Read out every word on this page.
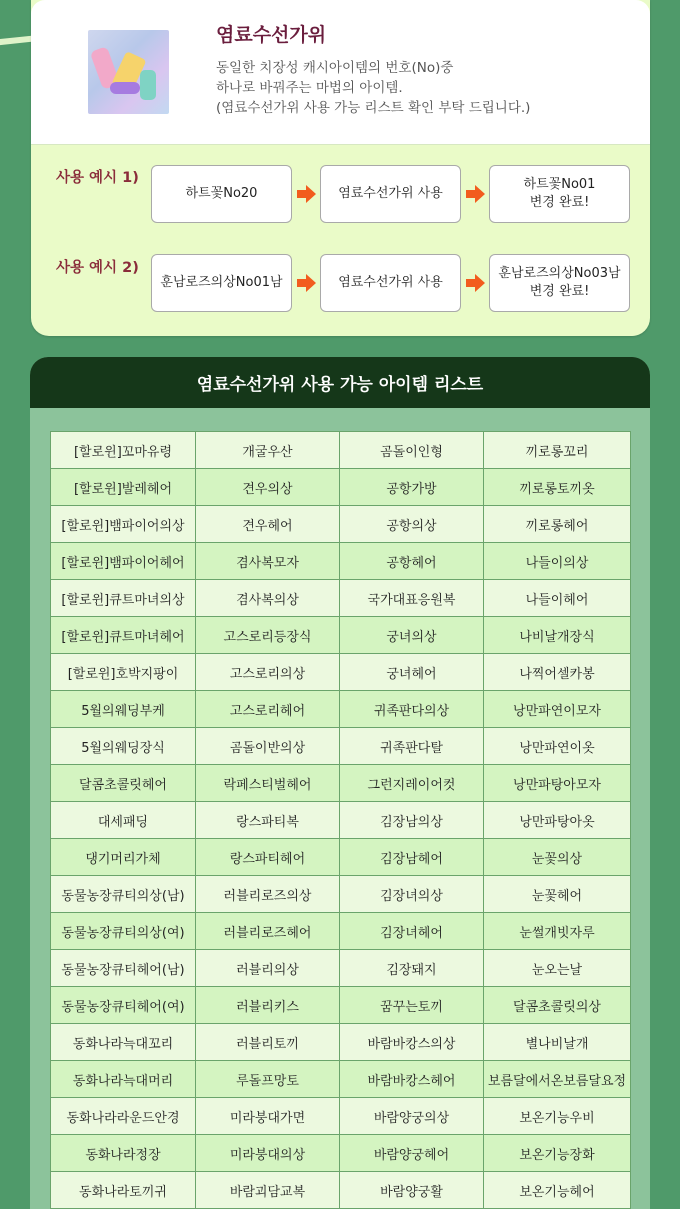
염료수선가위
동일한 치장성 캐시아이템의 번호(No)중
하나로 바꿔주는 마법의 아이템.
(염료수선가위 사용 가능 리스트 확인 부탁 드립니다.)
사용 예시 1)
하트꽃No20	염료수선가위 사용
하트꽃No01
변경 완료!
사용 예시 2)
훈남로즈의상No01남	염료수선가위 사용
훈남로즈의상No03남
변경 완료!
염료수선가위 사용 가능 아이템 리스트
[할로윈]꼬마유령	개굴우산	곰돌이인형	끼로롱꼬리
[할로윈]발레헤어	견우의상	공항가방	끼로롱토끼옷
[할로윈]뱀파이어의상	견우헤어	공항의상	끼로롱헤어
[할로윈]뱀파이어헤어	겸사복모자	공항헤어	나들이의상
[할로윈]큐트마녀의상	겸사복의상	국가대표응원복	나들이헤어
[할로윈]큐트마녀헤어	고스로리등장식	궁녀의상	나비날개장식
[할로윈]호박지팡이	고스로리의상	궁녀헤어	나찍어셀카봉
5월의웨딩부케	고스로리헤어	귀족판다의상	낭만파연이모자
5월의웨딩장식	곰돌이반의상	귀족판다탈	낭만파연이옷
달콤초콜릿헤어	락페스티벌헤어	그런지레이어컷	낭만파탕아모자
대세패딩	랑스파티복	김장남의상	낭만파탕아옷
댕기머리가체	랑스파티헤어	김장남헤어	눈꽃의상
동물농장큐티의상(남)	러블리로즈의상	김장녀의상	눈꽃헤어
동물농장큐티의상(여)	러블리로즈헤어	김장녀헤어	눈썰개빗자루
동물농장큐티헤어(남)	러블리의상	김장돼지	눈오는날
동물농장큐티헤어(여)	러블리키스	꿈꾸는토끼	달콤초콜릿의상
동화나라늑대꼬리	러블리토끼	바람바캉스의상	별나비날개
동화나라늑대머리	루돌프망토	바람바캉스헤어	보름달에서온보름달요정
동화나라라운드안경	미라붕대가면	바람양궁의상	보온기능우비
동화나라정장	미라붕대의상	바람양궁헤어	보온기능장화
동화나라토끼귀	바람괴담교복	바람양궁활	보온기능헤어
